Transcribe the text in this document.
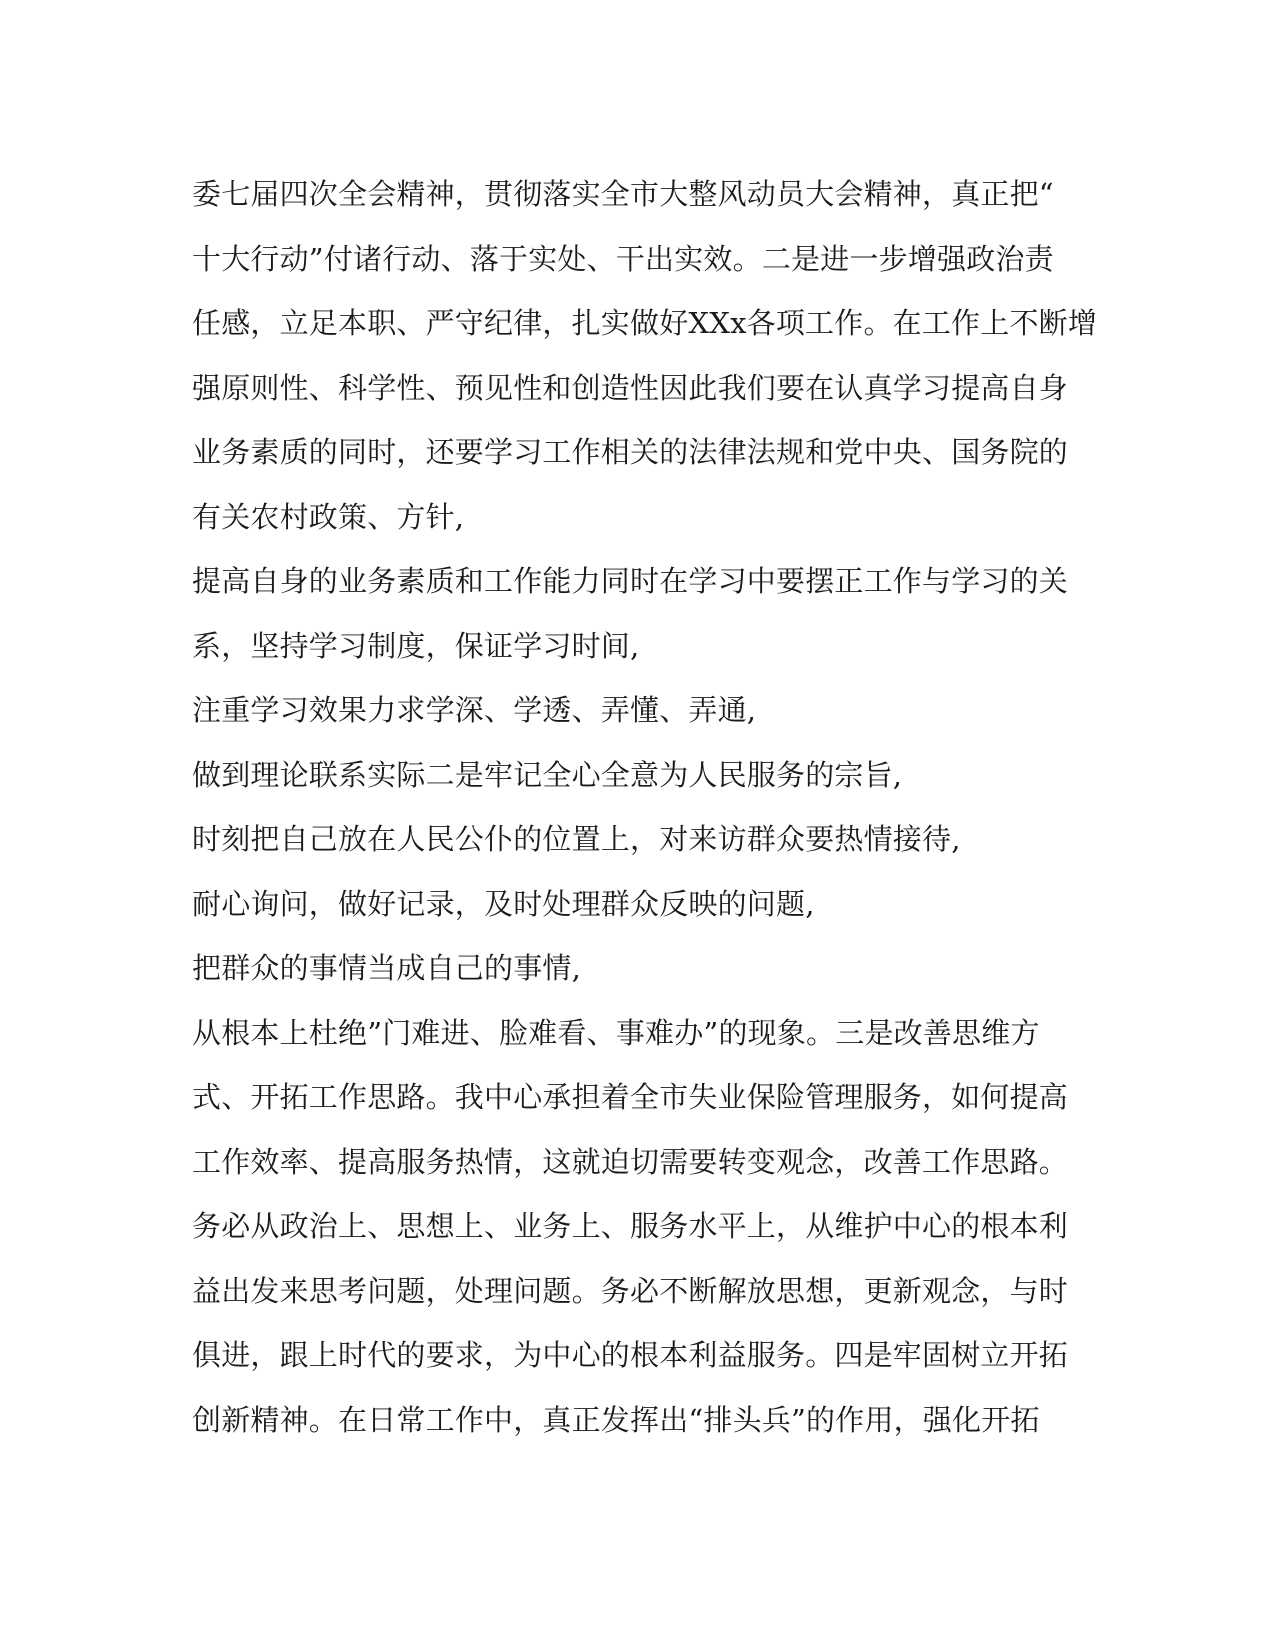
委七届四次全会精神，贯彻落实全市大整风动员大会精神，真正把“
十大行动”付诸行动、落于实处、干出实效。二是进一步增强政治责
任感，立足本职、严守纪律，扎实做好XXx各项工作。在工作上不断增
强原则性、科学性、预见性和创造性因此我们要在认真学习提高自身
业务素质的同时，还要学习工作相关的法律法规和党中央、国务院的
有关农村政策、方针,
提高自身的业务素质和工作能力同时在学习中要摆正工作与学习的关
系，坚持学习制度，保证学习时间,
注重学习效果力求学深、学透、弄懂、弄通,
做到理论联系实际二是牢记全心全意为人民服务的宗旨,
时刻把自己放在人民公仆的位置上，对来访群众要热情接待,
耐心询问，做好记录，及时处理群众反映的问题,
把群众的事情当成自己的事情,
从根本上杜绝”门难进、脸难看、事难办”的现象。三是改善思维方
式、开拓工作思路。我中心承担着全市失业保险管理服务，如何提高
工作效率、提高服务热情，这就迫切需要转变观念，改善工作思路。
务必从政治上、思想上、业务上、服务水平上，从维护中心的根本利
益出发来思考问题，处理问题。务必不断解放思想，更新观念，与时
俱进，跟上时代的要求，为中心的根本利益服务。四是牢固树立开拓
创新精神。在日常工作中，真正发挥出“排头兵”的作用，强化开拓
